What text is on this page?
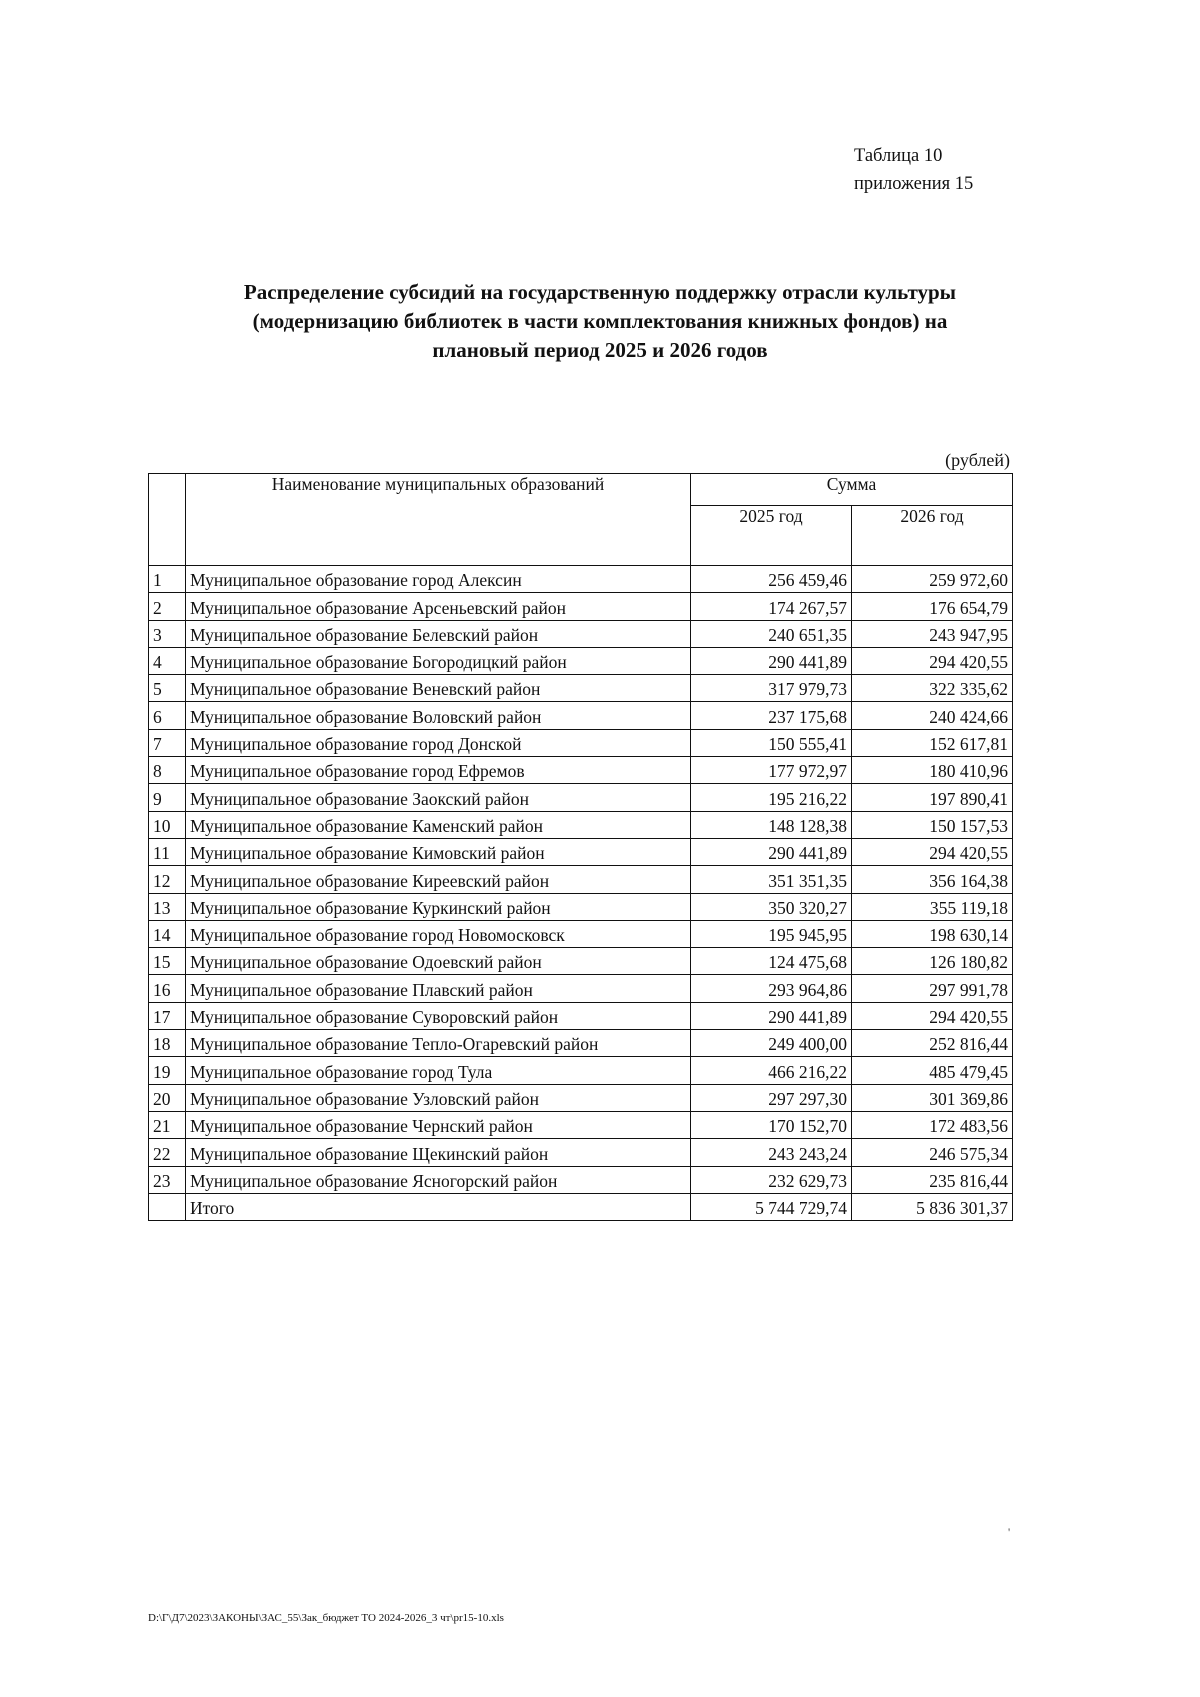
Таблица 10
приложения 15
Распределение субсидий на государственную поддержку отрасли культуры
(модернизацию библиотек в части комплектования книжных фондов) на
плановый период 2025 и 2026 годов
(рублей)
	Наименование муниципальных образований	Сумма	
		2025 год	2026 год
1	Муниципальное образование город Алексин	256 459,46	259 972,60
2	Муниципальное образование Арсеньевский район	174 267,57	176 654,79
3	Муниципальное образование Белевский район	240 651,35	243 947,95
4	Муниципальное образование Богородицкий район	290 441,89	294 420,55
5	Муниципальное образование Веневский район	317 979,73	322 335,62
6	Муниципальное образование Воловский район	237 175,68	240 424,66
7	Муниципальное образование город Донской	150 555,41	152 617,81
8	Муниципальное образование город Ефремов	177 972,97	180 410,96
9	Муниципальное образование Заокский район	195 216,22	197 890,41
10	Муниципальное образование Каменский район	148 128,38	150 157,53
11	Муниципальное образование Кимовский район	290 441,89	294 420,55
12	Муниципальное образование Киреевский район	351 351,35	356 164,38
13	Муниципальное образование Куркинский район	350 320,27	355 119,18
14	Муниципальное образование город Новомосковск	195 945,95	198 630,14
15	Муниципальное образование Одоевский район	124 475,68	126 180,82
16	Муниципальное образование Плавский район	293 964,86	297 991,78
17	Муниципальное образование Суворовский район	290 441,89	294 420,55
18	Муниципальное образование Тепло-Огаревский район	249 400,00	252 816,44
19	Муниципальное образование город Тула	466 216,22	485 479,45
20	Муниципальное образование Узловский район	297 297,30	301 369,86
21	Муниципальное образование Чернский район	170 152,70	172 483,56
22	Муниципальное образование Щекинский район	243 243,24	246 575,34
23	Муниципальное образование Ясногорский район	232 629,73	235 816,44
	Итого	5 744 729,74	5 836 301,37
D:\Г\Д7\2023\ЗАКОНЫ\ЗАС_55\Зак_бюджет ТО 2024-2026_3 чт\pr15-10.xls
'
